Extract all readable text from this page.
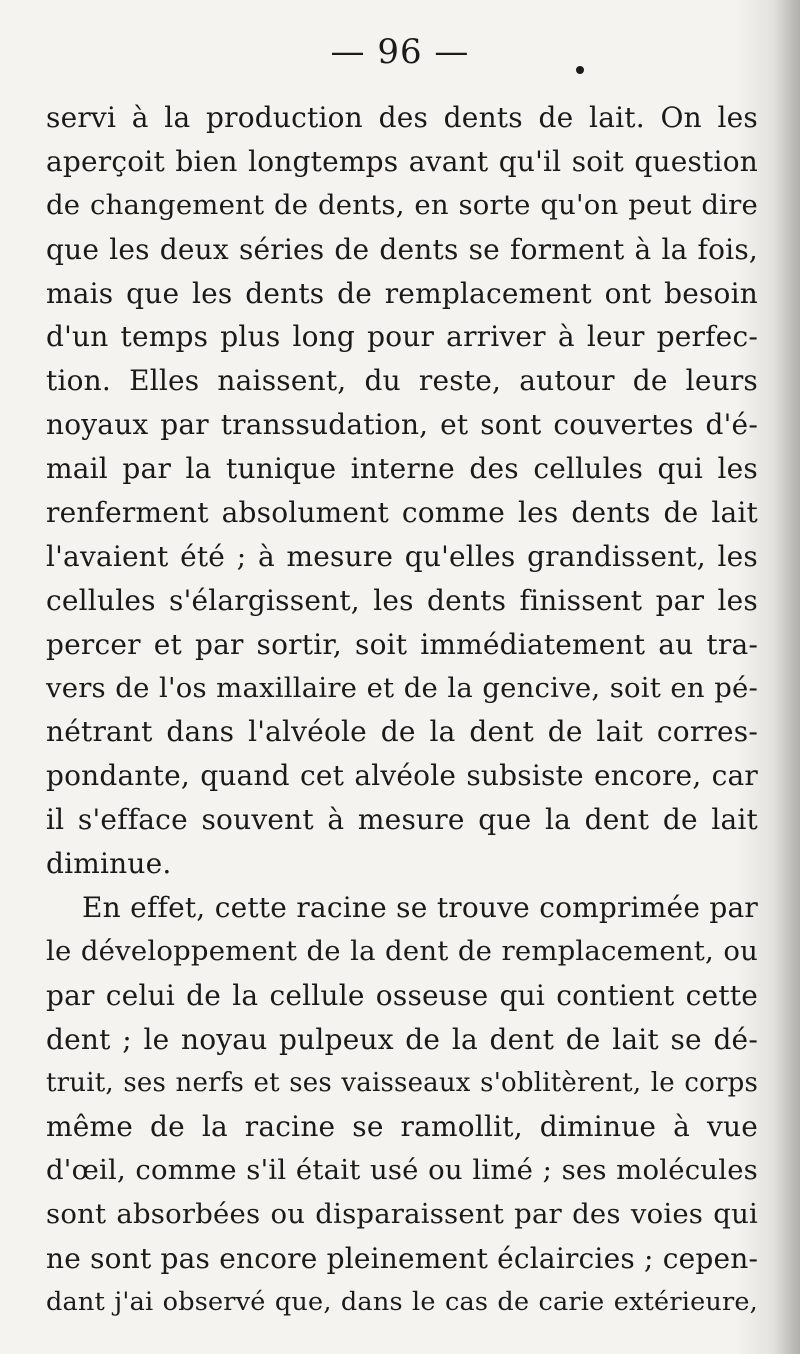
— 96 —
servi à la production des dents de lait. On les
aperçoit bien longtemps avant qu'il soit question
de changement de dents, en sorte qu'on peut dire
que les deux séries de dents se forment à la fois,
mais que les dents de remplacement ont besoin
d'un temps plus long pour arriver à leur perfec-
tion. Elles naissent, du reste, autour de leurs
noyaux par transsudation, et sont couvertes d'é-
mail par la tunique interne des cellules qui les
renferment absolument comme les dents de lait
l'avaient été ; à mesure qu'elles grandissent, les
cellules s'élargissent, les dents finissent par les
percer et par sortir, soit immédiatement au tra-
vers de l'os maxillaire et de la gencive, soit en pé-
nétrant dans l'alvéole de la dent de lait corres-
pondante, quand cet alvéole subsiste encore, car
il s'efface souvent à mesure que la dent de lait
diminue.
En effet, cette racine se trouve comprimée par
le développement de la dent de remplacement, ou
par celui de la cellule osseuse qui contient cette
dent ; le noyau pulpeux de la dent de lait se dé-
truit, ses nerfs et ses vaisseaux s'oblitèrent, le corps
même de la racine se ramollit, diminue à vue
d'œil, comme s'il était usé ou limé ; ses molécules
sont absorbées ou disparaissent par des voies qui
ne sont pas encore pleinement éclaircies ; cepen-
dant j'ai observé que, dans le cas de carie extérieure,
